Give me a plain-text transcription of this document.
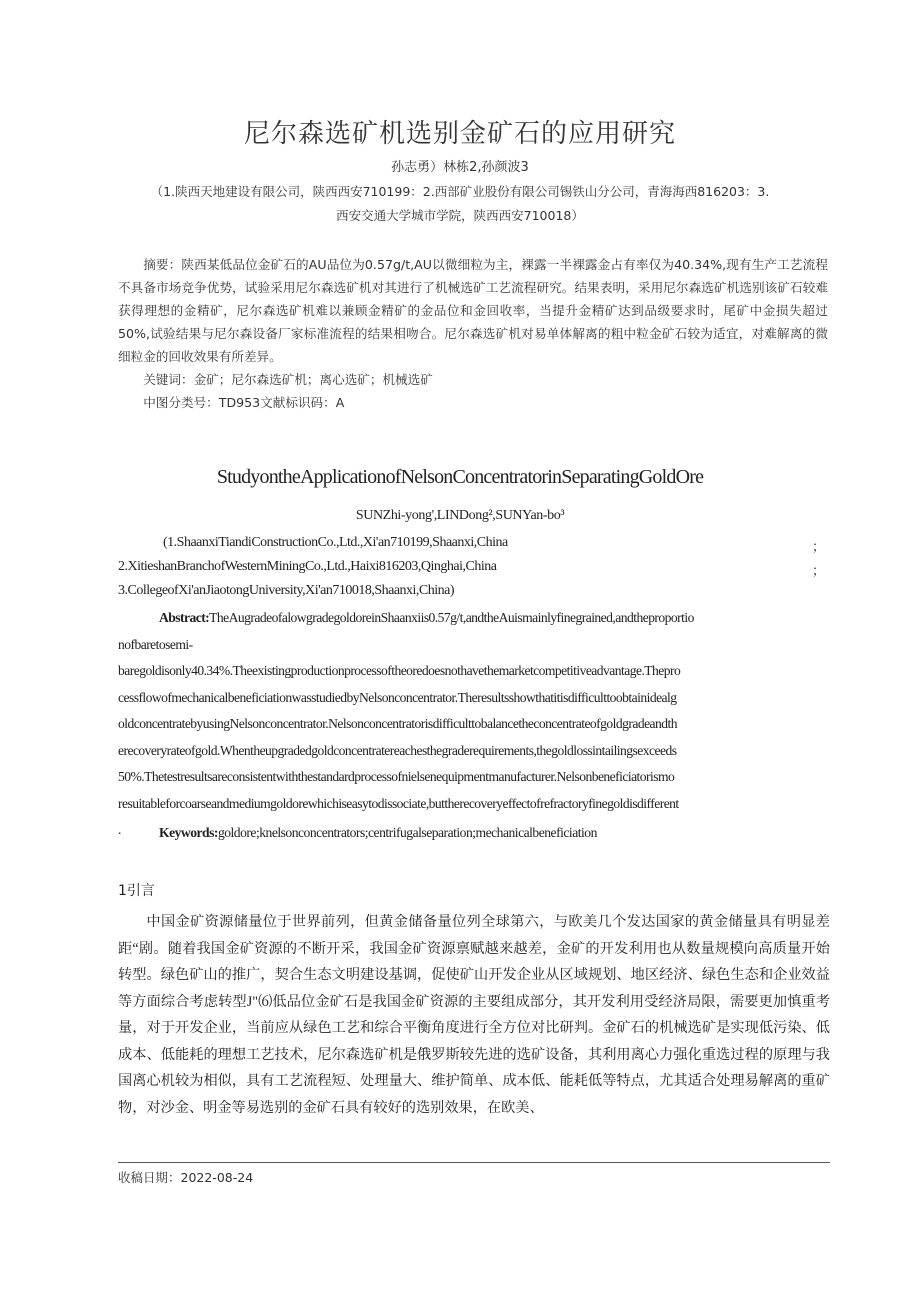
尼尔森选矿机选别金矿石的应用研究
孙志勇）林栋2,孙颜波3
（1.陕西天地建设有限公司，陕西西安710199：2.西部矿业股份有限公司锡铁山分公司，青海海西816203：3.
西安交通大学城市学院，陕西西安710018）

摘要：陕西某低品位金矿石的AU品位为0.57g/t,AU以微细粒为主，裸露一半裸露金占有率仅为40.34%,现有生产工艺流程不具备市场竞争优势，试验采用尼尔森选矿机对其进行了机械选矿工艺流程研究。结果表明，采用尼尔森选矿机选别该矿石较难获得理想的金精矿，尼尔森选矿机难以兼顾金精矿的金品位和金回收率，当提升金精矿达到品级要求时，尾矿中金损失超过50%,试验结果与尼尔森设备厂家标准流程的结果相吻合。尼尔森选矿机对易单体解离的粗中粒金矿石较为适宜，对难解离的微细粒金的回收效果有所差异。

关键词：金矿；尼尔森选矿机；离心选矿；机械选矿

中图分类号：TD953文献标识码：A

StudyontheApplicationofNelsonConcentratorinSeparatingGoldOre
SUNZhi-yong',LINDong²,SUNYan-bo³
(1.ShaanxiTiandiConstructionCo.,Ltd.,Xi'an710199,Shaanxi,China	；
2.XitieshanBranchofWesternMiningCo.,Ltd.,Haixi816203,Qinghai,China	；
3.CollegeofXi'anJiaotongUniversity,Xi'an710018,Shaanxi,China)
Abstract:TheAugradeofalowgradegoldoreinShaanxiis0.57g/t,andtheAuismainlyfinegrained,andtheproportio
nofbaretosemi-
baregoldisonly40.34%.Theexistingproductionprocessoftheoredoesnothavethemarketcompetitiveadvantage.Thepro
cessflowofmechanicalbeneficiationwasstudiedbyNelsonconcentrator.Theresultsshowthatitisdifficulttoobtainidealg
oldconcentratebyusingNelsonconcentrator.Nelsonconcentratorisdifficulttobalancetheconcentrateofgoldgradeandth
erecoveryrateofgold.Whentheupgradedgoldconcentratereachesthegraderequirements,thegoldlossintailingsexceeds
50%.Thetestresultsareconsistentwiththestandardprocessofnielsenequipmentmanufacturer.Nelsonbeneficiatorismo
resuitableforcoarseandmediumgoldorewhichiseasytodissociate,buttherecoveryeffectofrefractoryfinegoldisdifferent
.	Keywords:goldore;knelsonconcentrators;centrifugalseparation;mechanicalbeneficiation
1引言

中国金矿资源储量位于世界前列，但黄金储备量位列全球第六，与欧美几个发达国家的黄金储量具有明显差距“剧。随着我国金矿资源的不断开采，我国金矿资源禀赋越来越差，金矿的开发利用也从数量规模向高质量开始转型。绿色矿山的推广，契合生态文明建设基调，促使矿山开发企业从区域规划、地区经济、绿色生态和企业效益等方面综合考虑转型J"⑹低品位金矿石是我国金矿资源的主要组成部分，其开发利用受经济局限，需要更加慎重考量，对于开发企业，当前应从绿色工艺和综合平衡角度进行全方位对比研判。金矿石的机械选矿是实现低污染、低成本、低能耗的理想工艺技术，尼尔森选矿机是俄罗斯较先进的选矿设备，其利用离心力强化重选过程的原理与我国离心机较为相似，具有工艺流程短、处理量大、维护简单、成本低、能耗低等特点，尤其适合处理易解离的重矿物，对沙金、明金等易选别的金矿石具有较好的选别效果，在欧美、

收稿日期：2022-08-24
